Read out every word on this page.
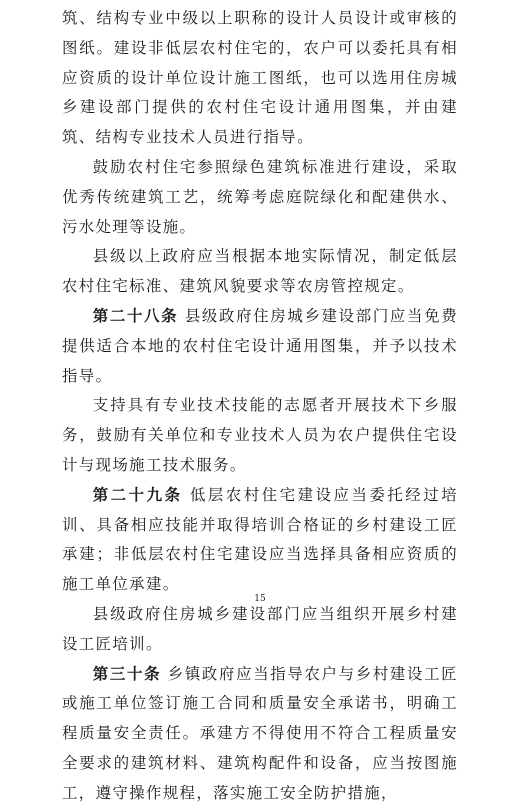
筑、结构专业中级以上职称的设计人员设计或审核的图纸。建设非低层农村住宅的，农户可以委托具有相应资质的设计单位设计施工图纸，也可以选用住房城乡建设部门提供的农村住宅设计通用图集，并由建筑、结构专业技术人员进行指导。

鼓励农村住宅参照绿色建筑标准进行建设，采取优秀传统建筑工艺，统筹考虑庭院绿化和配建供水、污水处理等设施。

县级以上政府应当根据本地实际情况，制定低层农村住宅标准、建筑风貌要求等农房管控规定。

第二十八条 县级政府住房城乡建设部门应当免费提供适合本地的农村住宅设计通用图集，并予以技术指导。

支持具有专业技术技能的志愿者开展技术下乡服务，鼓励有关单位和专业技术人员为农户提供住宅设计与现场施工技术服务。

第二十九条 低层农村住宅建设应当委托经过培训、具备相应技能并取得培训合格证的乡村建设工匠承建；非低层农村住宅建设应当选择具备相应资质的施工单位承建。

县级政府住房城乡建设部门应当组织开展乡村建设工匠培训。

第三十条 乡镇政府应当指导农户与乡村建设工匠或施工单位签订施工合同和质量安全承诺书，明确工程质量安全责任。承建方不得使用不符合工程质量安全要求的建筑材料、建筑构配件和设备，应当按图施工，遵守操作规程，落实施工安全防护措施，

15
